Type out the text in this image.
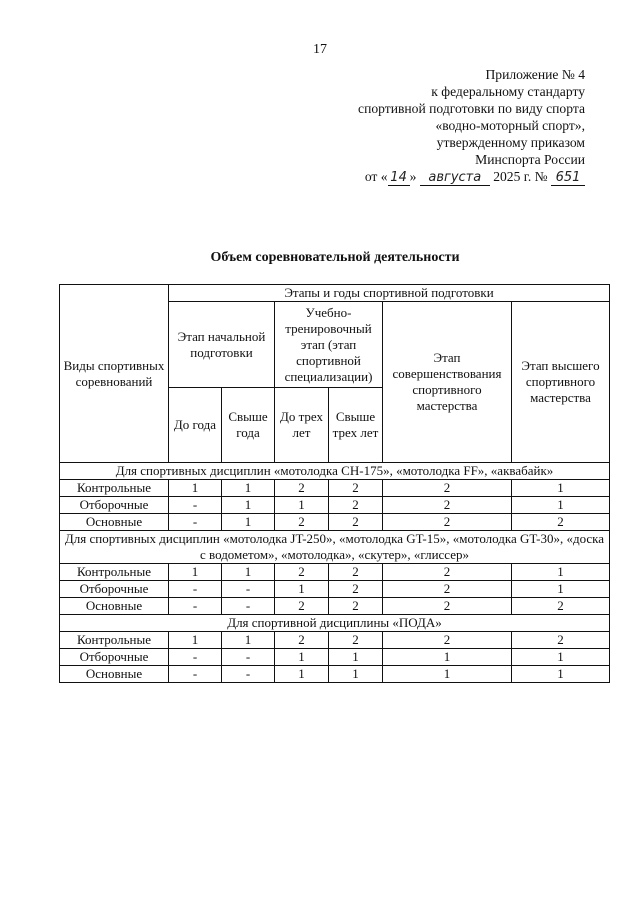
17
Приложение № 4
к федеральному стандарту
спортивной подготовки по виду спорта
«водно-моторный спорт»,
утвержденному приказом
Минспорта России
от « 14 » августа 2025 г. № 651
Объем соревновательной деятельности
Виды спортивных соревнований	Этапы и годы спортивной подготовки					
	Этап начальной подготовки		Учебно-тренировочный этап (этап спортивной специализации)		Этап совершенствования спортивного мастерства	Этап высшего спортивного мастерства
	До года	Свыше года	До трех лет	Свыше трех лет		
Для спортивных дисциплин «мотолодка СН-175», «мотолодка FF», «аквабайк»						
Контрольные	1	1	2	2	2	1
Отборочные	-	1	1	2	2	1
Основные	-	1	2	2	2	2
Для спортивных дисциплин «мотолодка JT-250», «мотолодка GT-15», «мотолодка GT-30», «доска с водометом», «мотолодка», «скутер», «глиссер»						
Контрольные	1	1	2	2	2	1
Отборочные	-	-	1	2	2	1
Основные	-	-	2	2	2	2
Для спортивной дисциплины «ПОДА»						
Контрольные	1	1	2	2	2	2
Отборочные	-	-	1	1	1	1
Основные	-	-	1	1	1	1
